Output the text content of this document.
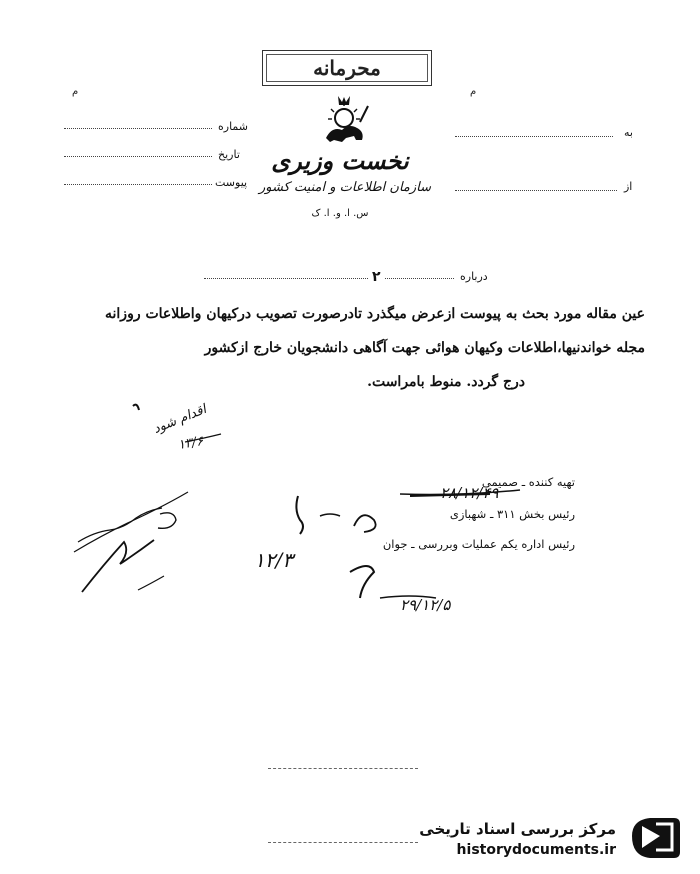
محرمانه
م	م
شماره
تاریخ
پیوست
به
از
نخست وزیری
سازمان اطلاعات و امنیت کشور
س. ا. و. ا. ک
۲	درباره
عین مقاله مورد بحث به پیوست ازعرض میگذرد تادرصورت تصویب درکیهان واطلاعات روزانه
مجله خواندنیها،اطلاعات وکیهان هوائی جهت آگاهی دانشجویان خارج ازکشور
درج گردد. منوط بامراست.
اقدام شود
۱۳/۶
۱۲/۳
تهیه کننده ـ صمیمی
رئیس بخش ۳۱۱ ـ شهبازی
رئیس اداره یکم عملیات وبررسی ـ جوان
۲۸/۱۲/۴۹
۲۹/۱۲/۵
مرکز بررسی اسناد تاریخی
historydocuments.ir
